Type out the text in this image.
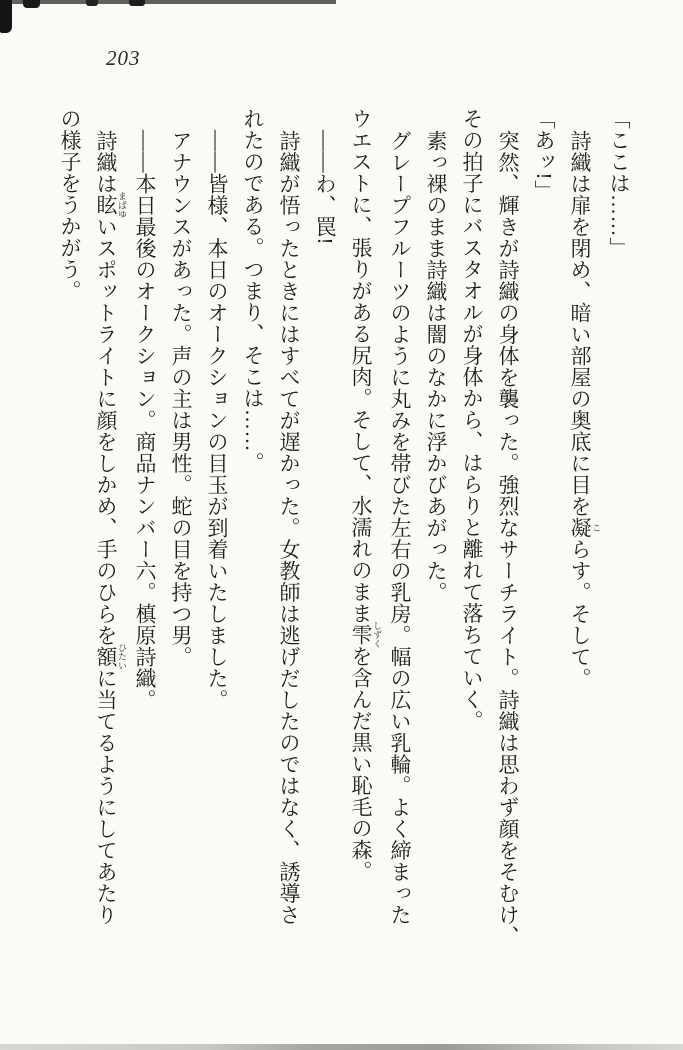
203

「ここは……」

詩織は扉を閉め、暗い部屋の奥底に目を凝 こらす。そして。

「あッ!」

突然、輝きが詩織の身体を襲った。強烈なサーチライト。詩織は思わず顔をそむけ、

その拍子にバスタオルが身体から、はらりと離れて落ちていく。

素っ裸のまま詩織は闇のなかに浮かびあがった。

グレープフルーツのように丸みを帯びた左右の乳房。幅の広い乳輪。よく締まった

ウエストに、張りがある尻肉。そして、水濡れのまま雫 しずくを含んだ黒い恥毛の森。

——わ、罠!

詩織が悟ったときにはすべてが遅かった。女教師は逃げだしたのではなく、誘導さ

れたのである。つまり、そこは……。

——皆様、本日のオークションの目玉が到着いたしました。

アナウンスがあった。声の主は男性。蛇の目を持つ男。

——本日最後のオークション。商品ナンバー六。槙原詩織。

詩織は眩 まばゆいスポットライトに顔をしかめ、手のひらを額 ひたいに当てるようにしてあたり

の様子をうかがう。
